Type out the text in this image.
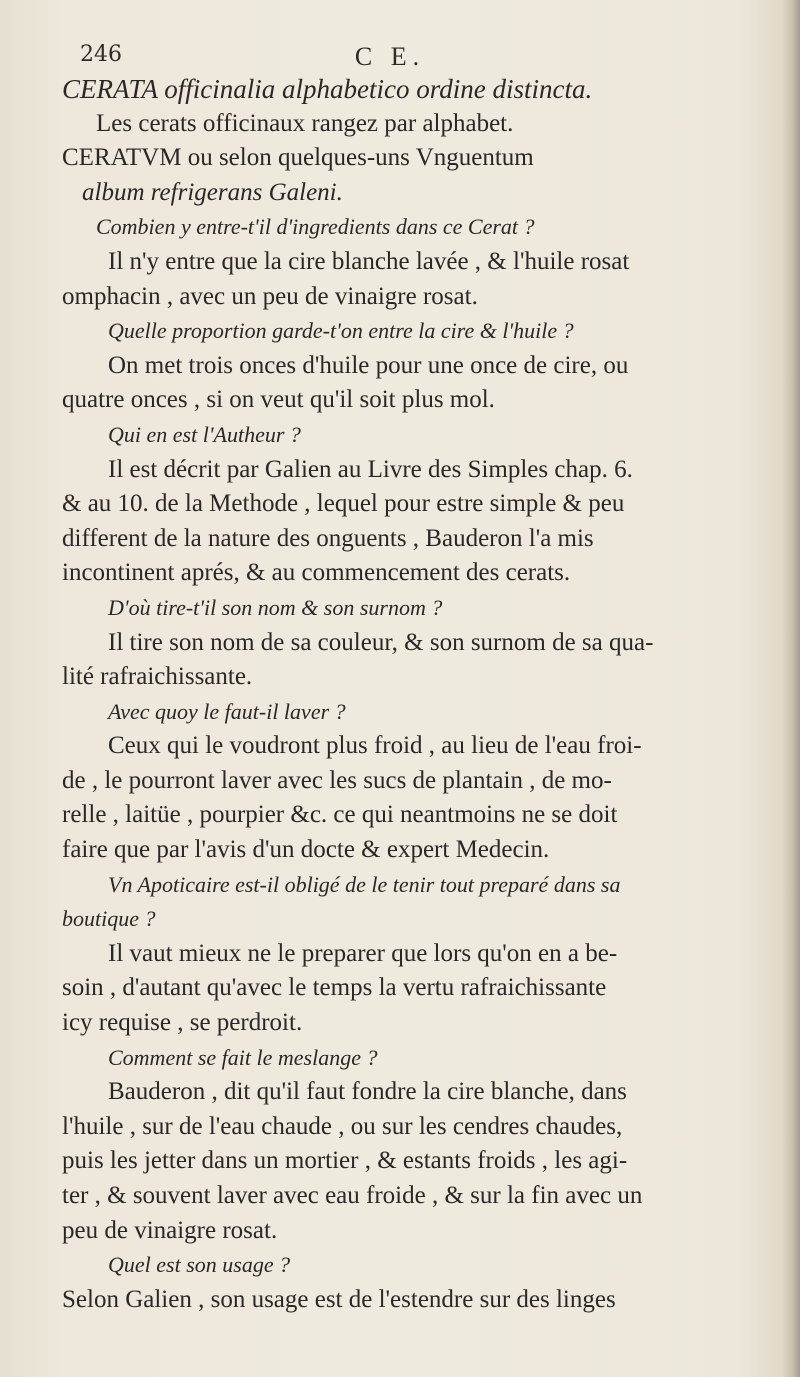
246	C E.
CERATA officinalia alphabetico ordine distincta.
Les cerats officinaux rangez par alphabet.
CERATVM ou selon quelques-uns Vnguentum
album refrigerans Galeni.
Combien y entre-t'il d'ingredients dans ce Cerat ?
Il n'y entre que la cire blanche lavée , & l'huile rosat
omphacin , avec un peu de vinaigre rosat.
Quelle proportion garde-t'on entre la cire & l'huile ?
On met trois onces d'huile pour une once de cire, ou
quatre onces , si on veut qu'il soit plus mol.
Qui en est l'Autheur ?
Il est décrit par Galien au Livre des Simples chap. 6.
& au 10. de la Methode , lequel pour estre simple & peu
different de la nature des onguents , Bauderon l'a mis
incontinent aprés, & au commencement des cerats.
D'où tire-t'il son nom & son surnom ?
Il tire son nom de sa couleur, & son surnom de sa qua-
lité rafraichissante.
Avec quoy le faut-il laver ?
Ceux qui le voudront plus froid , au lieu de l'eau froi-
de , le pourront laver avec les sucs de plantain , de mo-
relle , laitüe , pourpier &c. ce qui neantmoins ne se doit
faire que par l'avis d'un docte & expert Medecin.
Vn Apoticaire est-il obligé de le tenir tout preparé dans sa
boutique ?
Il vaut mieux ne le preparer que lors qu'on en a be-
soin , d'autant qu'avec le temps la vertu rafraichissante
icy requise , se perdroit.
Comment se fait le meslange ?
Bauderon , dit qu'il faut fondre la cire blanche, dans
l'huile , sur de l'eau chaude , ou sur les cendres chaudes,
puis les jetter dans un mortier , & estants froids , les agi-
ter , & souvent laver avec eau froide , & sur la fin avec un
peu de vinaigre rosat.
Quel est son usage ?
Selon Galien , son usage est de l'estendre sur des linges
